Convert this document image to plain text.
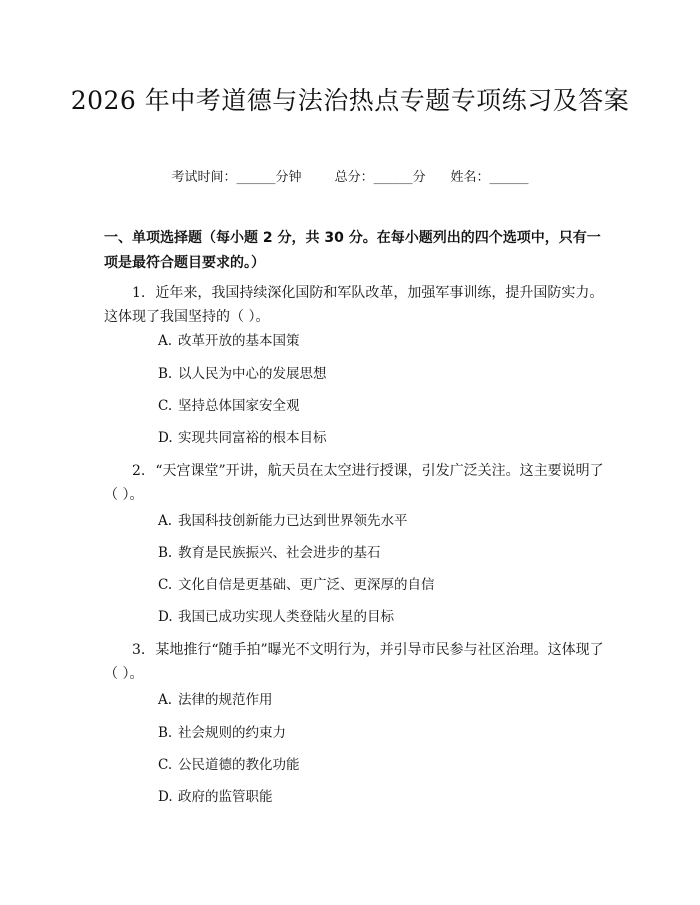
2026 年中考道德与法治热点专题专项练习及答案
考试时间：______分钟	总分：______分 姓名：______
一、单项选择题（每小题 2 分，共 30 分。在每小题列出的四个选项中，只有一项是最符合题目要求的。）

1. 近年来，我国持续深化国防和军队改革，加强军事训练，提升国防实力。这体现了我国坚持的（ ）。

A. 改革开放的基本国策

B. 以人民为中心的发展思想

C. 坚持总体国家安全观

D. 实现共同富裕的根本目标

2. “天宫课堂”开讲，航天员在太空进行授课，引发广泛关注。这主要说明了（ ）。

A. 我国科技创新能力已达到世界领先水平

B. 教育是民族振兴、社会进步的基石

C. 文化自信是更基础、更广泛、更深厚的自信

D. 我国已成功实现人类登陆火星的目标

3. 某地推行“随手拍”曝光不文明行为，并引导市民参与社区治理。这体现了（ ）。

A. 法律的规范作用

B. 社会规则的约束力

C. 公民道德的教化功能

D. 政府的监管职能
